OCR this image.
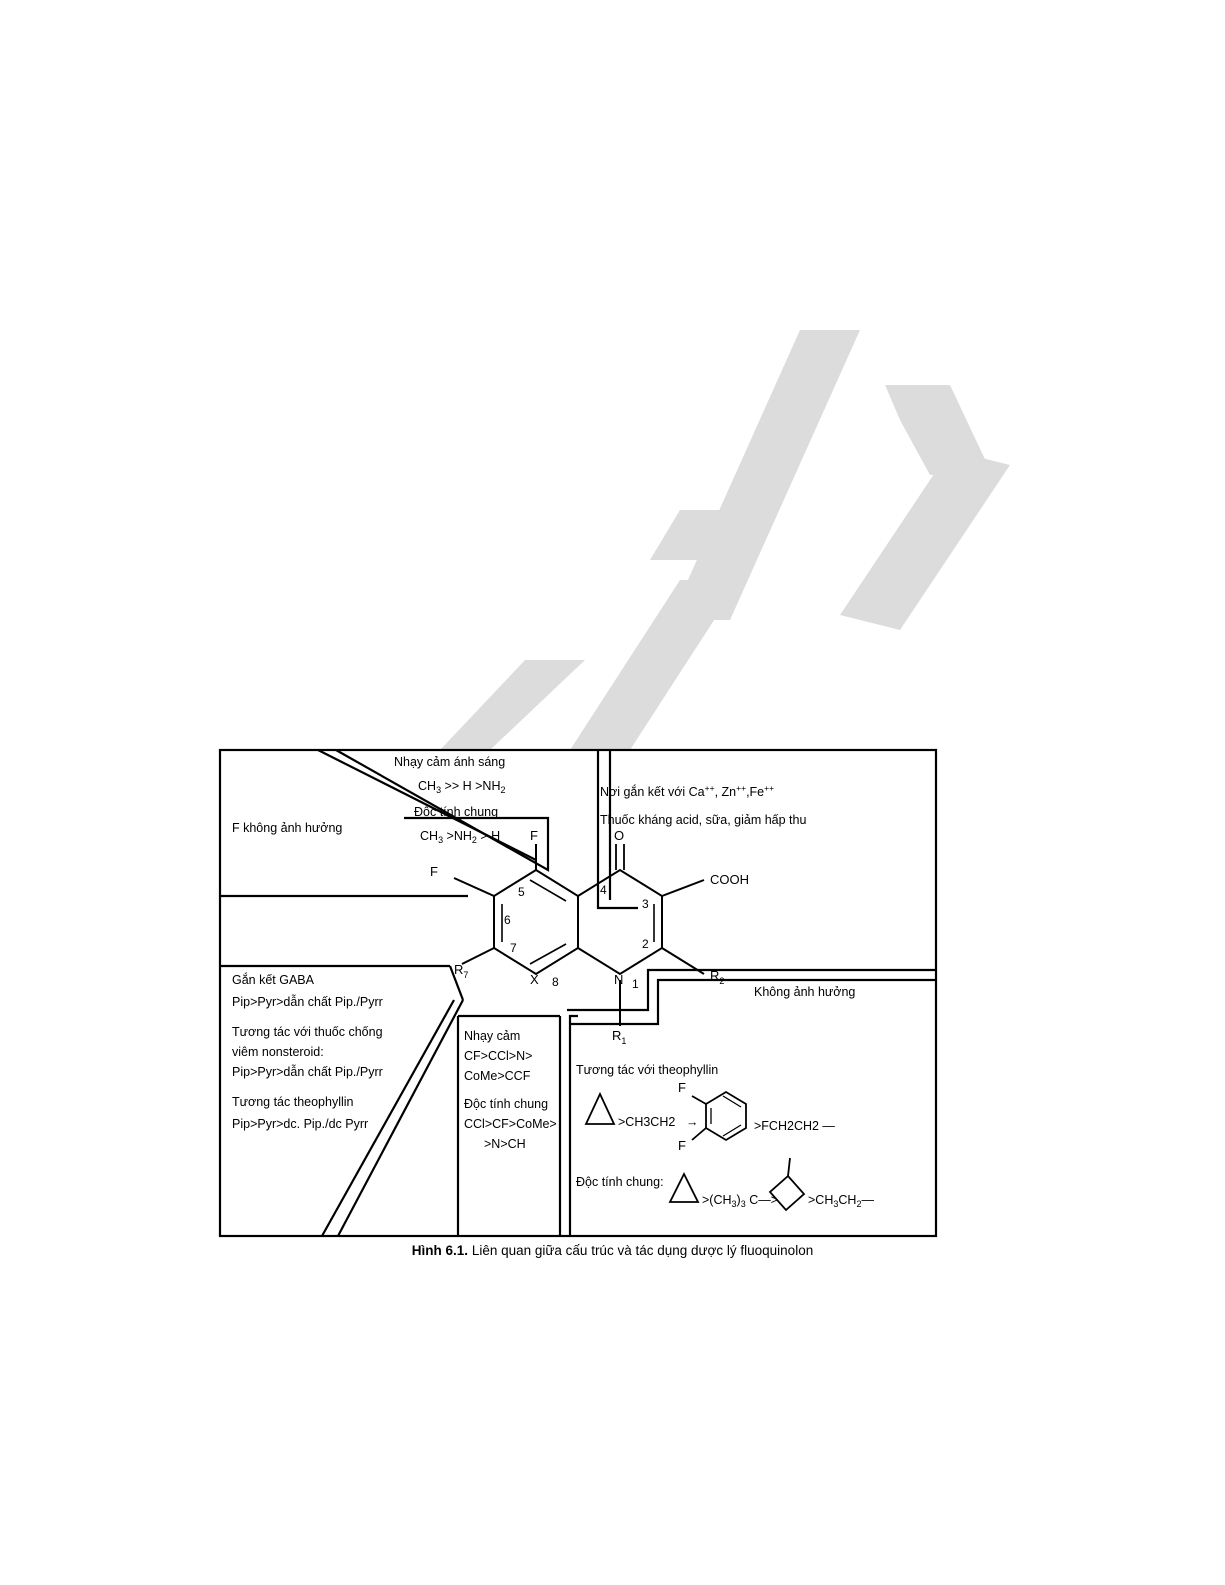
F
F
O
COOH
$R_7$	X	N	$R_2$
$R_1$
1
2
3
4
5
6
7
8
F không ảnh hưởng
Nhạy cảm ánh sáng
$CH_3 >> H >NH_2$
Độc tính chung
$CH_3 >NH_2 > H$
Nơi gắn kết với Ca++, Zn++,Fe++
Thuốc kháng acid, sữa, giảm hấp thu
Không ảnh hưởng
Gắn kết GABA
Pip>Pyr>dẫn chất Pip./Pyrr
Tương tác với thuốc chống
viêm nonsteroid:
Pip>Pyr>dẫn chất Pip./Pyrr
Tương tác theophyllin
Pip>Pyr>dc. Pip./dc Pyrr
Nhạy cảm
CF>CCl>N>
CoMe>CCF
Độc tính chung
CCl>CF>CoMe>
>N>CH
Tương tác với theophyllin
Độc tính chung:
>CH3CH2 →
F
F
>FCH2CH2 —
$>(CH_3)_3$ C—> $>CH_3CH_2—$
Hình 6.1. Liên quan giữa cấu trúc và tác dụng dược lý fluoquinolon
